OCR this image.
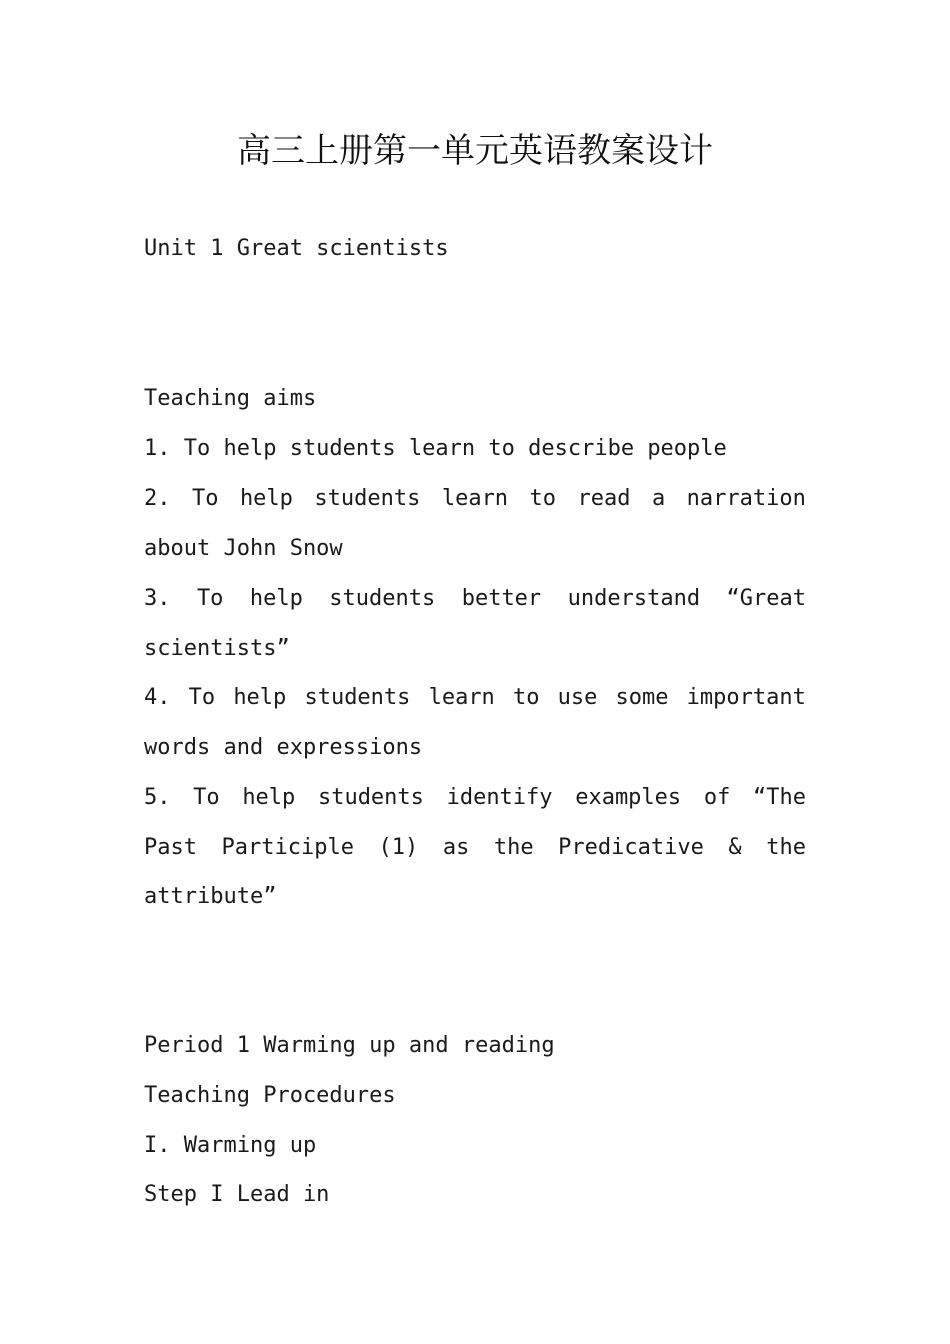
高三上册第一单元英语教案设计
Unit 1 Great scientists
Teaching aims
1. To help students learn to describe people
2. To help students learn to read a narration
about John Snow
3. To help students better understand “Great
scientists”
4. To help students learn to use some important
words and expressions
5. To help students identify examples of “The
Past Participle (1) as the Predicative & the
attribute”
Period 1 Warming up and reading
Teaching Procedures
I. Warming up
Step I Lead in
